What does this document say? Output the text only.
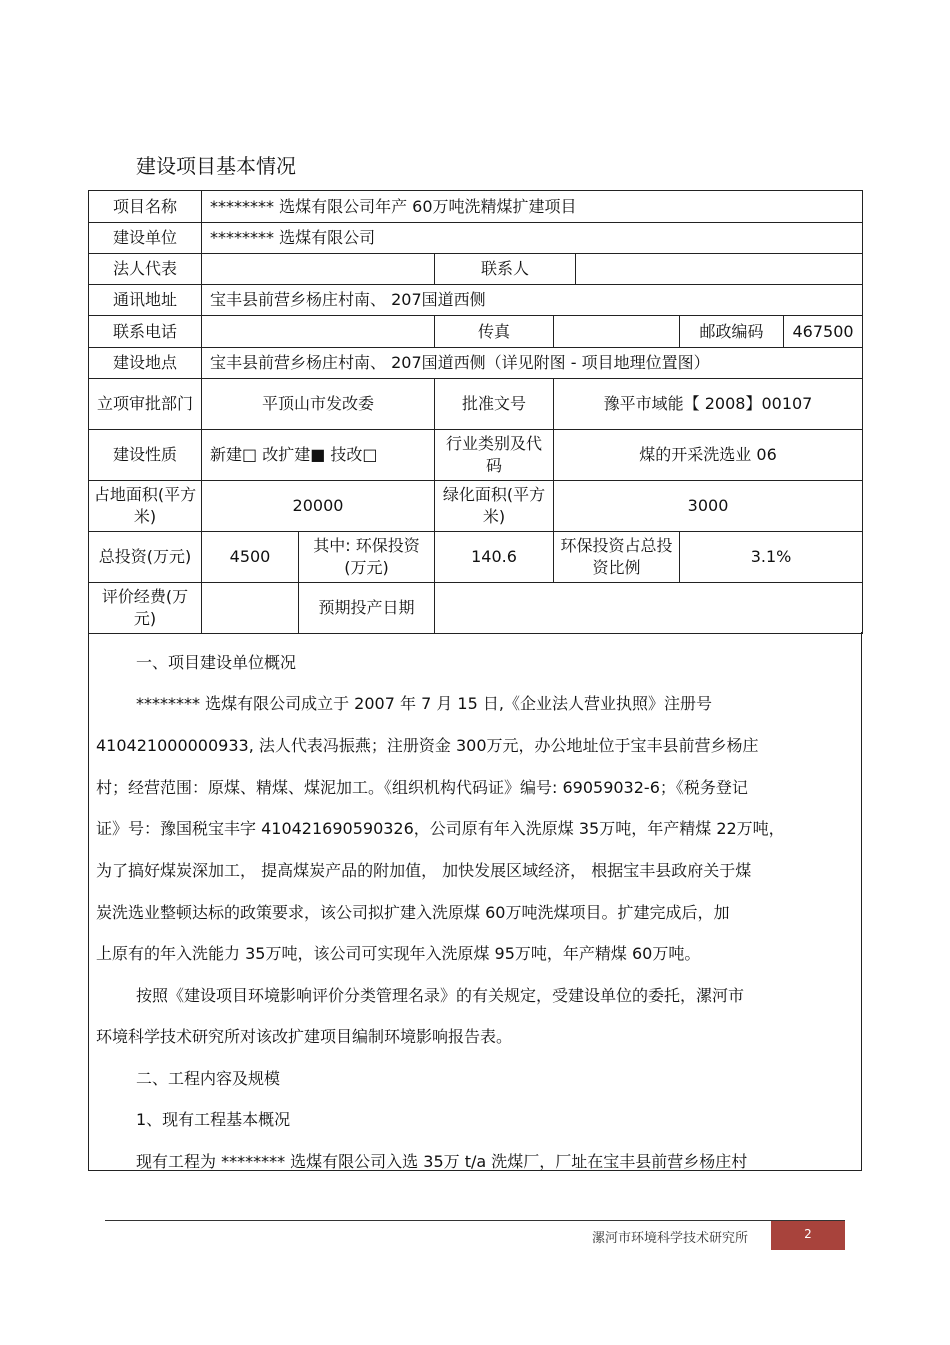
建设项目基本情况
项目名称	******** 选煤有限公司年产 60万吨洗精煤扩建项目					
建设单位	******** 选煤有限公司					
法人代表			联系人			
通讯地址	宝丰县前营乡杨庄村南、 207国道西侧					
联系电话			传真			邮政编码 467500

建设地点	宝丰县前营乡杨庄村南、 207国道西侧（详见附图 - 项目地理位置图）					
立项审批部门	平顶山市发改委		批准文号	豫平市域能【 2008】00107		
建设性质	新建□ 改扩建■ 技改□		行业类别及代码	煤的开采洗选业 06		
占地面积(平方米)	20000		绿化面积(平方米)	3000		
总投资(万元)	4500	其中: 环保投资(万元)	140.6	环保投资占总投资比例		3.1%
评价经费(万元)		预期投产日期				
一、项目建设单位概况
******** 选煤有限公司成立于 2007 年 7 月 15 日,《企业法人营业执照》注册号
410421000000933, 法人代表冯振燕；注册资金 300万元，办公地址位于宝丰县前营乡杨庄
村；经营范围：原煤、精煤、煤泥加工。《组织机构代码证》编号: 69059032-6；《税务登记
证》号：豫国税宝丰字 410421690590326，公司原有年入洗原煤 35万吨，年产精煤 22万吨，
为了搞好煤炭深加工， 提高煤炭产品的附加值， 加快发展区域经济， 根据宝丰县政府关于煤
炭洗选业整顿达标的政策要求，该公司拟扩建入洗原煤 60万吨洗煤项目。扩建完成后，加
上原有的年入洗能力 35万吨，该公司可实现年入洗原煤 95万吨，年产精煤 60万吨。
按照《建设项目环境影响评价分类管理名录》的有关规定，受建设单位的委托，漯河市
环境科学技术研究所对该改扩建项目编制环境影响报告表。
二、工程内容及规模
1、现有工程基本概况
现有工程为 ******** 选煤有限公司入选 35万 t/a 洗煤厂，厂址在宝丰县前营乡杨庄村
漯河市环境科学技术研究所	2
